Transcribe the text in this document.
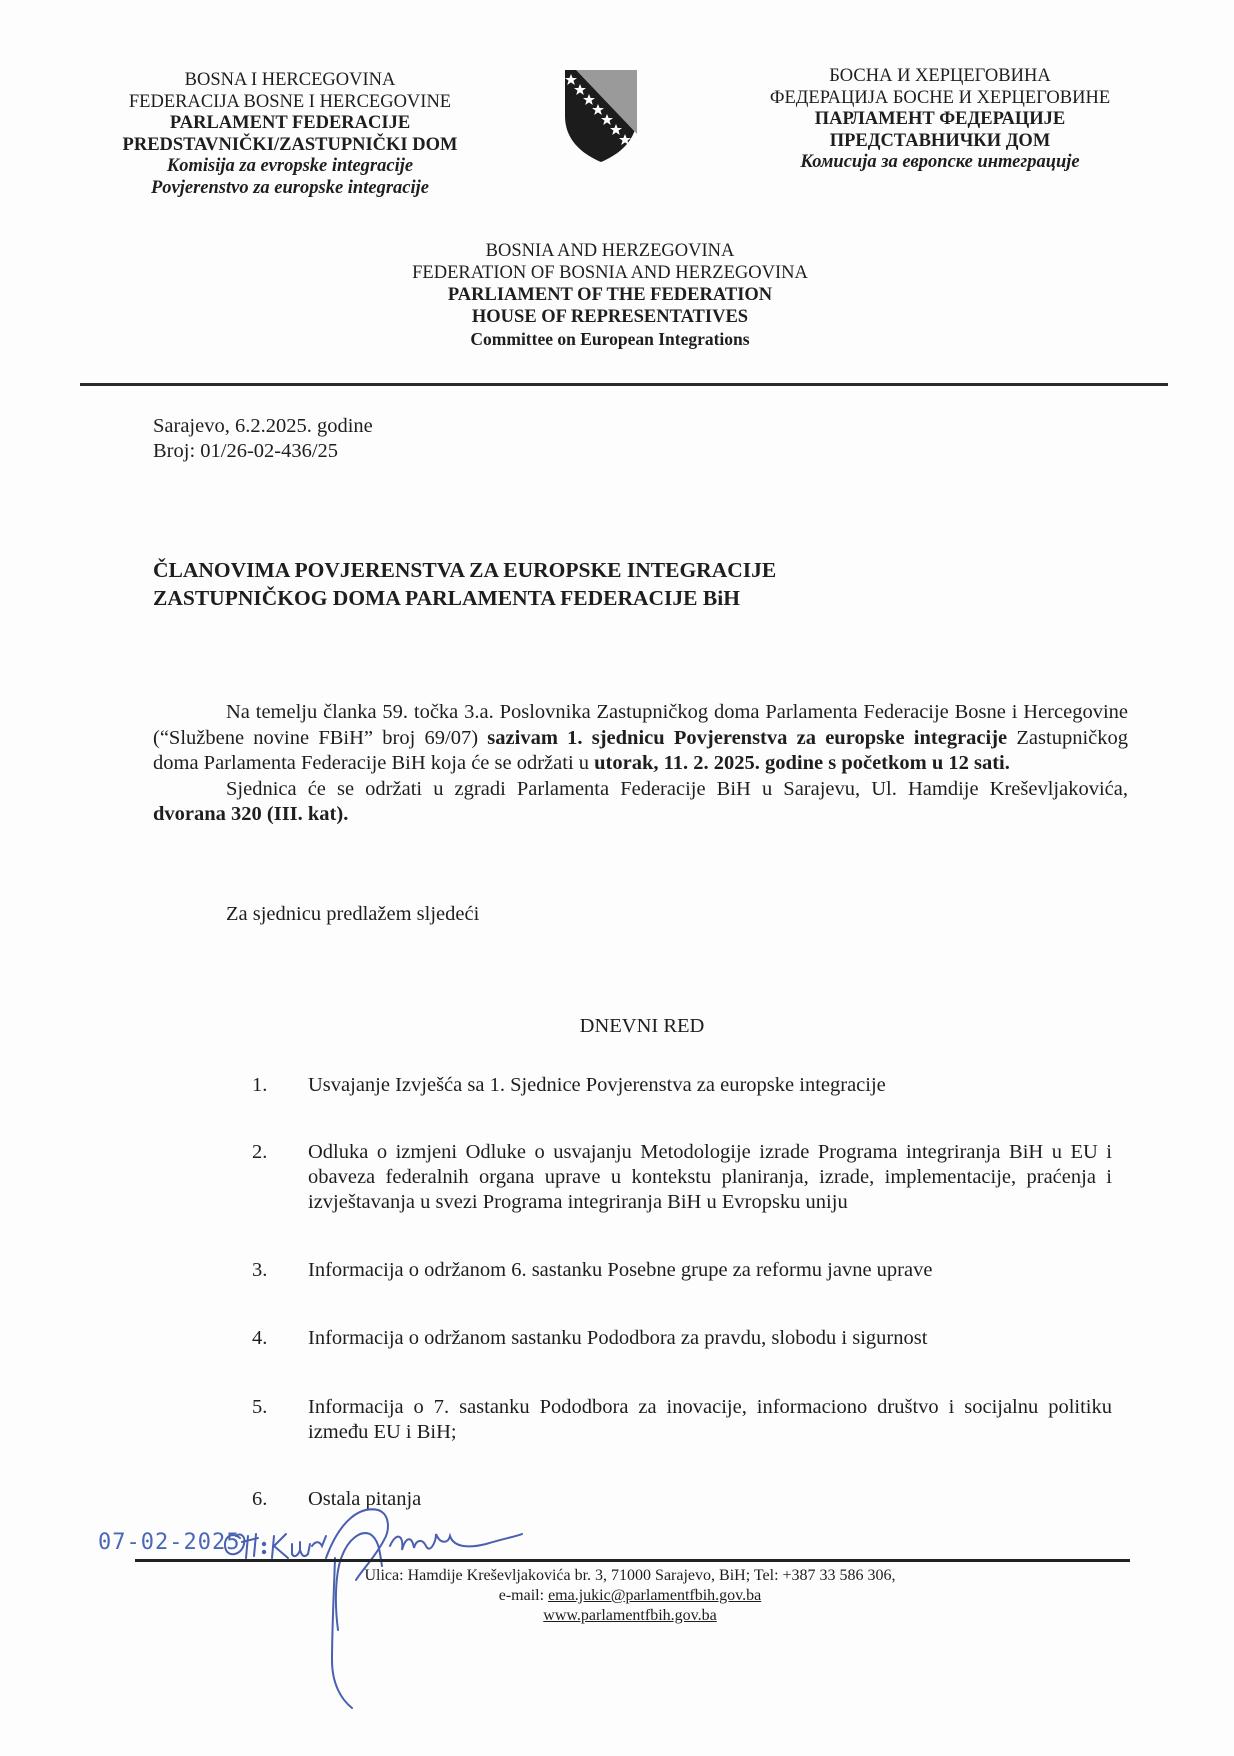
BOSNA I HERCEGOVINA
FEDERACIJA BOSNE I HERCEGOVINE
PARLAMENT FEDERACIJE
PREDSTAVNIČKI/ZASTUPNIČKI DOM
Komisija za evropske integracije
Povjerenstvo za europske integracije
БОСНА И ХЕРЦЕГОВИНА
ФЕДЕРАЦИЈА БОСНЕ И ХЕРЦЕГОВИНЕ
ПАРЛАМЕНТ ФЕДЕРАЦИЈЕ
ПРЕДСТАВНИЧКИ ДОМ
Комисија за европске интеграције
BOSNIA AND HERZEGOVINA
FEDERATION OF BOSNIA AND HERZEGOVINA
PARLIAMENT OF THE FEDERATION
HOUSE OF REPRESENTATIVES
Committee on European Integrations
Sarajevo, 6.2.2025. godine
Broj: 01/26-02-436/25
ČLANOVIMA POVJERENSTVA ZA EUROPSKE INTEGRACIJE
ZASTUPNIČKOG DOMA PARLAMENTA FEDERACIJE BiH

Na temelju članka 59. točka 3.a. Poslovnika Zastupničkog doma Parlamenta Federacije Bosne i Hercegovine (“Službene novine FBiH” broj 69/07) sazivam 1. sjednicu Povjerenstva za europske integracije Zastupničkog doma Parlamenta Federacije BiH koja će se održati u utorak, 11. 2. 2025. godine s početkom u 12 sati.

Sjednica će se održati u zgradi Parlamenta Federacije BiH u Sarajevu, Ul. Hamdije Kreševljakovića, dvorana 320 (III. kat).

Za sjednicu predlažem sljedeći
DNEVNI RED
1.	Usvajanje Izvješća sa 1. Sjednice Povjerenstva za europske integracije
2.	Odluka o izmjeni Odluke o usvajanju Metodologije izrade Programa integriranja BiH u EU i obaveza federalnih organa uprave u kontekstu planiranja, izrade, implementacije, praćenja i izvještavanja u svezi Programa integriranja BiH u Evropsku uniju
3.	Informacija o održanom 6. sastanku Posebne grupe za reformu javne uprave
4.	Informacija o održanom sastanku Pododbora za pravdu, slobodu i sigurnost
5.	Informacija o 7. sastanku Pododbora za inovacije, informaciono društvo i socijalnu politiku između EU i BiH;
6.	Ostala pitanja
07-02-2025
Ulica: Hamdije Kreševljakovića br. 3, 71000 Sarajevo, BiH; Tel: +387 33 586 306,
e-mail: ema.jukic@parlamentfbih.gov.ba
www.parlamentfbih.gov.ba
